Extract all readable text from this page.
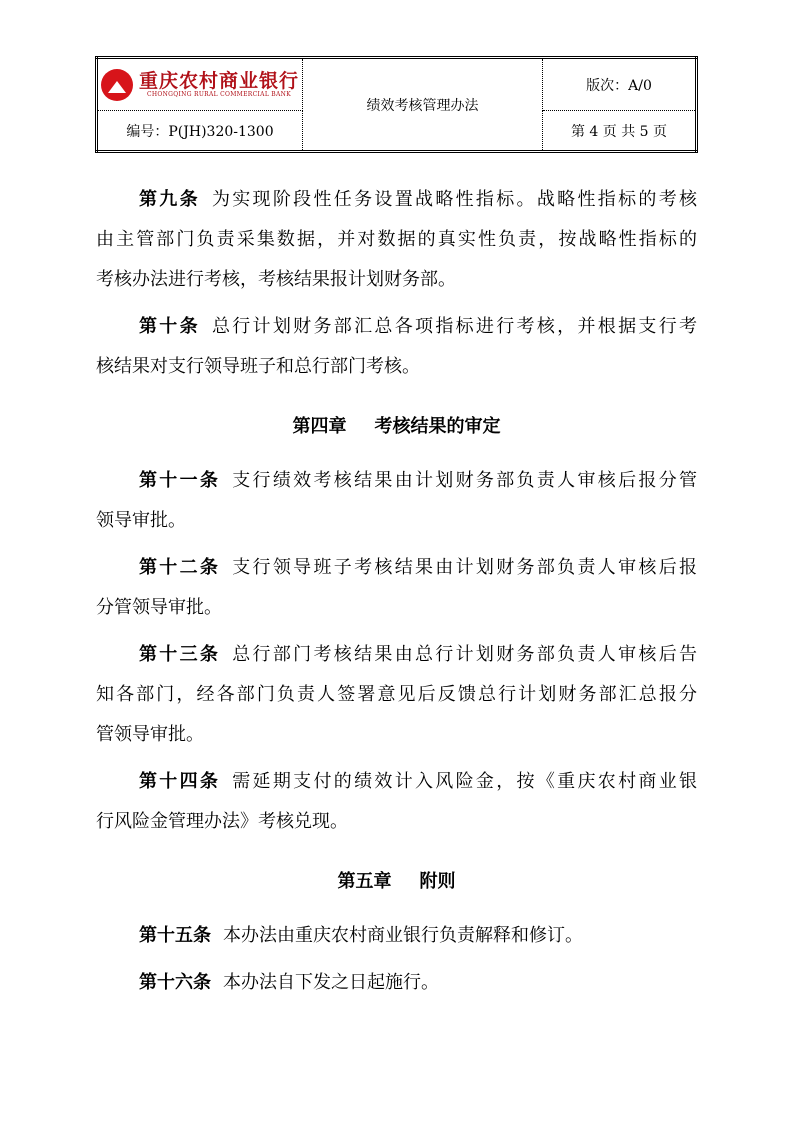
重庆农村商业银行
CHONGQING RURAL COMMERCIAL BANK	绩效考核管理办法	版次：A/0
编号：P(JH)320-1300		第 4 页 共 5 页
第九条 为实现阶段性任务设置战略性指标。战略性指标的考核
由主管部门负责采集数据，并对数据的真实性负责，按战略性指标的
考核办法进行考核，考核结果报计划财务部。
第十条 总行计划财务部汇总各项指标进行考核，并根据支行考
核结果对支行领导班子和总行部门考核。
第四章 考核结果的审定
第十一条 支行绩效考核结果由计划财务部负责人审核后报分管
领导审批。
第十二条 支行领导班子考核结果由计划财务部负责人审核后报
分管领导审批。
第十三条 总行部门考核结果由总行计划财务部负责人审核后告
知各部门，经各部门负责人签署意见后反馈总行计划财务部汇总报分
管领导审批。
第十四条 需延期支付的绩效计入风险金，按《重庆农村商业银
行风险金管理办法》考核兑现。
第五章 附则
第十五条 本办法由重庆农村商业银行负责解释和修订。
第十六条 本办法自下发之日起施行。
